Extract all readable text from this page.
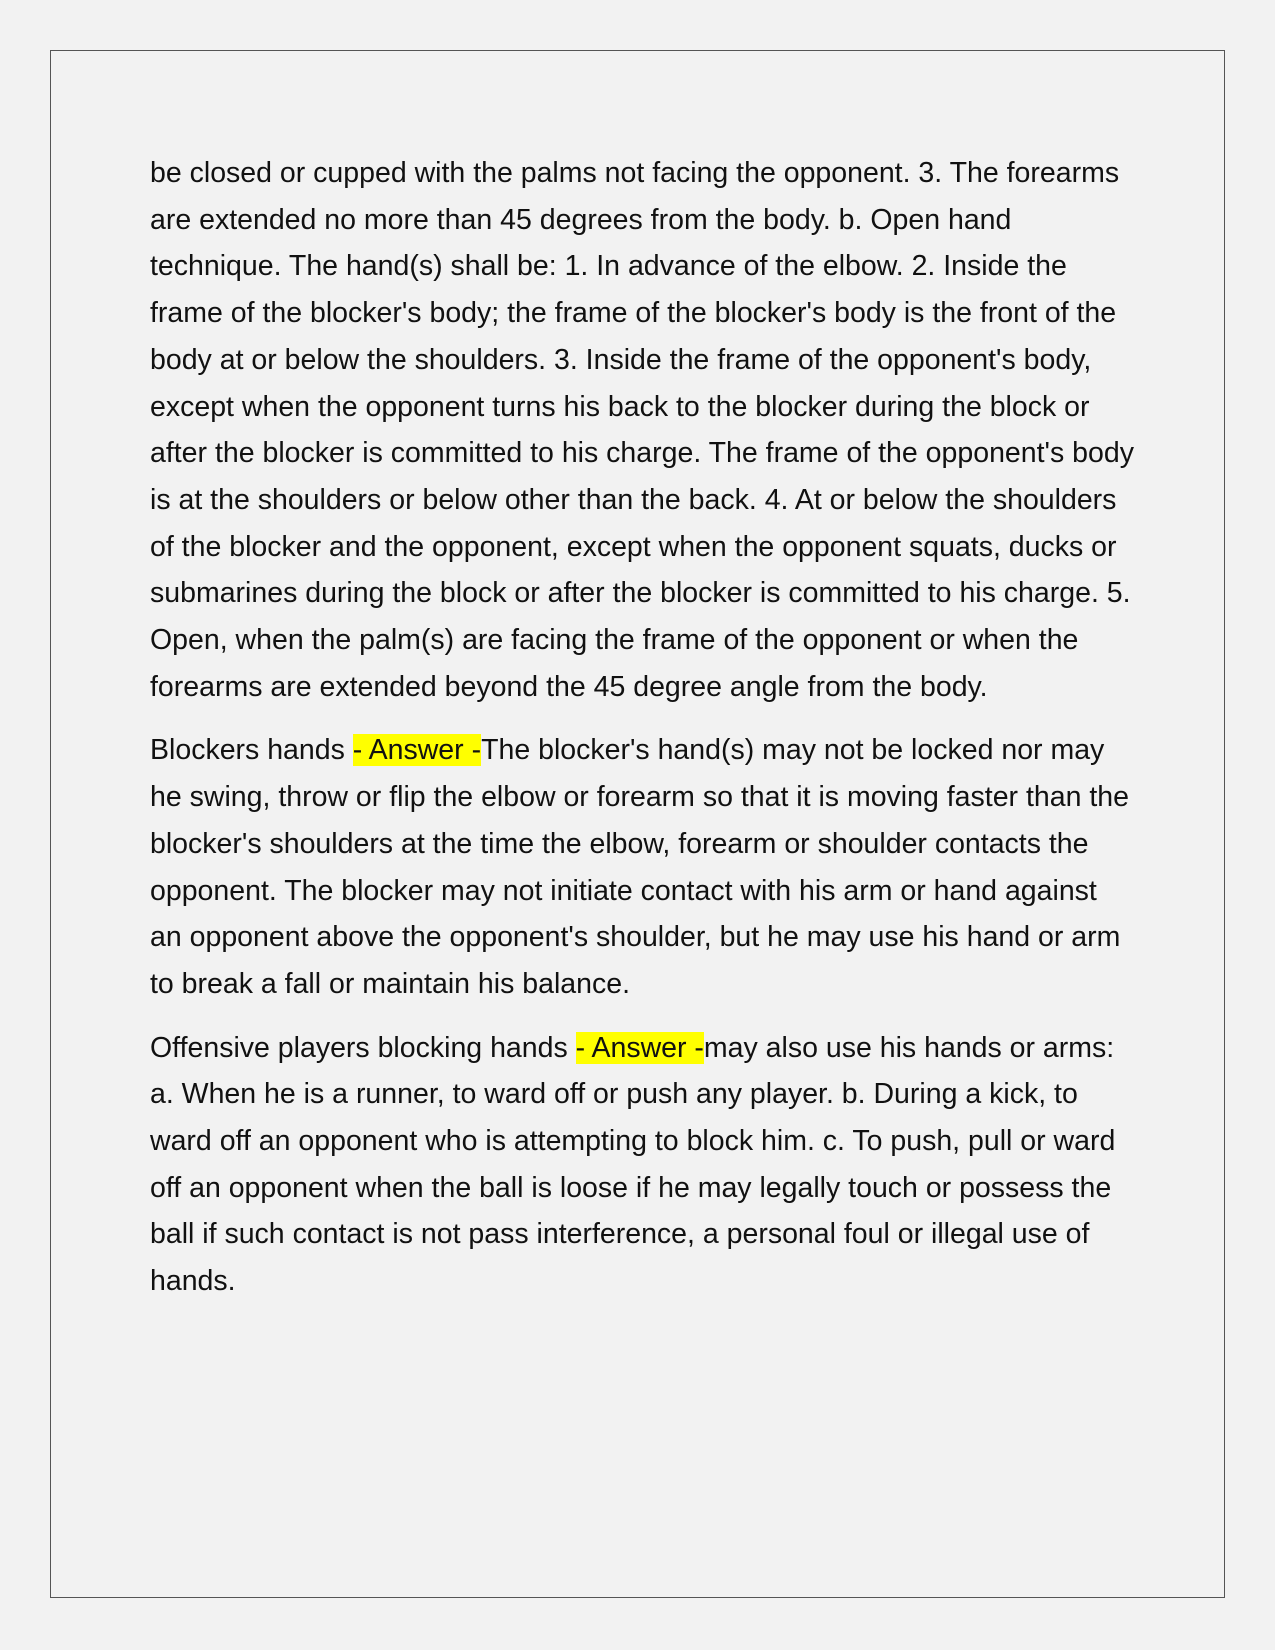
be closed or cupped with the palms not facing the opponent. 3. The forearms are extended no more than 45 degrees from the body. b. Open hand technique. The hand(s) shall be: 1. In advance of the elbow. 2. Inside the frame of the blocker's body; the frame of the blocker's body is the front of the body at or below the shoulders. 3. Inside the frame of the opponent's body, except when the opponent turns his back to the blocker during the block or after the blocker is committed to his charge. The frame of the opponent's body is at the shoulders or below other than the back. 4. At or below the shoulders of the blocker and the opponent, except when the opponent squats, ducks or submarines during the block or after the blocker is committed to his charge. 5. Open, when the palm(s) are facing the frame of the opponent or when the forearms are extended beyond the 45 degree angle from the body.

Blockers hands - Answer -The blocker's hand(s) may not be locked nor may he swing, throw or flip the elbow or forearm so that it is moving faster than the blocker's shoulders at the time the elbow, forearm or shoulder contacts the opponent. The blocker may not initiate contact with his arm or hand against an opponent above the opponent's shoulder, but he may use his hand or arm to break a fall or maintain his balance.

Offensive players blocking hands - Answer -may also use his hands or arms: a. When he is a runner, to ward off or push any player. b. During a kick, to ward off an opponent who is attempting to block him. c. To push, pull or ward off an opponent when the ball is loose if he may legally touch or possess the ball if such contact is not pass interference, a personal foul or illegal use of hands.
